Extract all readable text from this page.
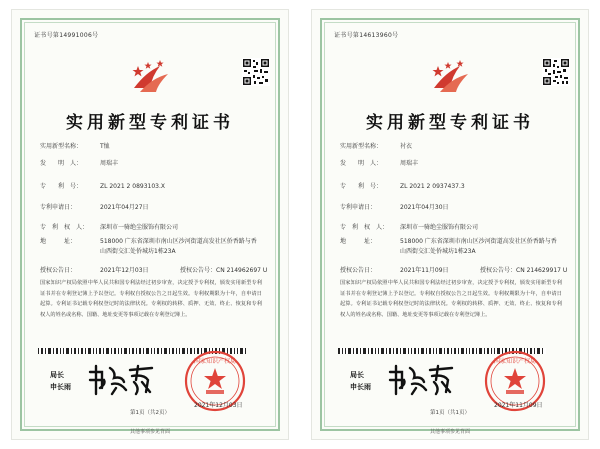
证书号第14991006号
实用新型专利证书
实用新型名称：	T恤
发　　明　人：	周瑞丰
专　　利　号：	ZL 2021 2 0893103.X
专利申请日：	2021年04月27日
专　利　权　人： 深圳市一骑绝尘服饰有限公司
地　　　址：	518000 广东省深圳市南山区沙河街道高发社区侨香路与香山西街交汇处侨城坊1栋23A
授权公告日：	2021年12月03日	授权公告号：CN 214962697 U
国家知识产权局依照中华人民共和国专利法经过初步审查，决定授予专利权，颁发实用新型专利证书并在专利登记簿上予以登记。专利权自授权公告之日起生效。专利权期限为十年，自申请日起算。专利证书记载专利权登记时的法律状况。专利权的转移、质押、无效、终止、恢复和专利权人的姓名或名称、国籍、地址变更等事项记载在专利登记簿上。
局长
申长雨
国家知识产权局
2021年12月03日
第1页（共2页）
其他事项参见背面
证书号第14613960号
实用新型专利证书
实用新型名称：	衬衣
发　　明　人：	周瑞丰
专　　利　号：	ZL 2021 2 0937437.3
专利申请日：	2021年04月30日
专　利　权　人： 深圳市一骑绝尘服饰有限公司
地　　　址：	518000 广东省深圳市南山区沙河街道高发社区侨香路与香山西街交汇处侨城坊1栋23A
授权公告日：	2021年11月09日	授权公告号：CN 214629917 U
国家知识产权局依照中华人民共和国专利法经过初步审查，决定授予专利权，颁发实用新型专利证书并在专利登记簿上予以登记。专利权自授权公告之日起生效。专利权期限为十年，自申请日起算。专利证书记载专利权登记时的法律状况。专利权的转移、质押、无效、终止、恢复和专利权人的姓名或名称、国籍、地址变更等事项记载在专利登记簿上。
局长
申长雨
国家知识产权局
2021年11月09日
第1页（共1页）
其他事项参见背面
